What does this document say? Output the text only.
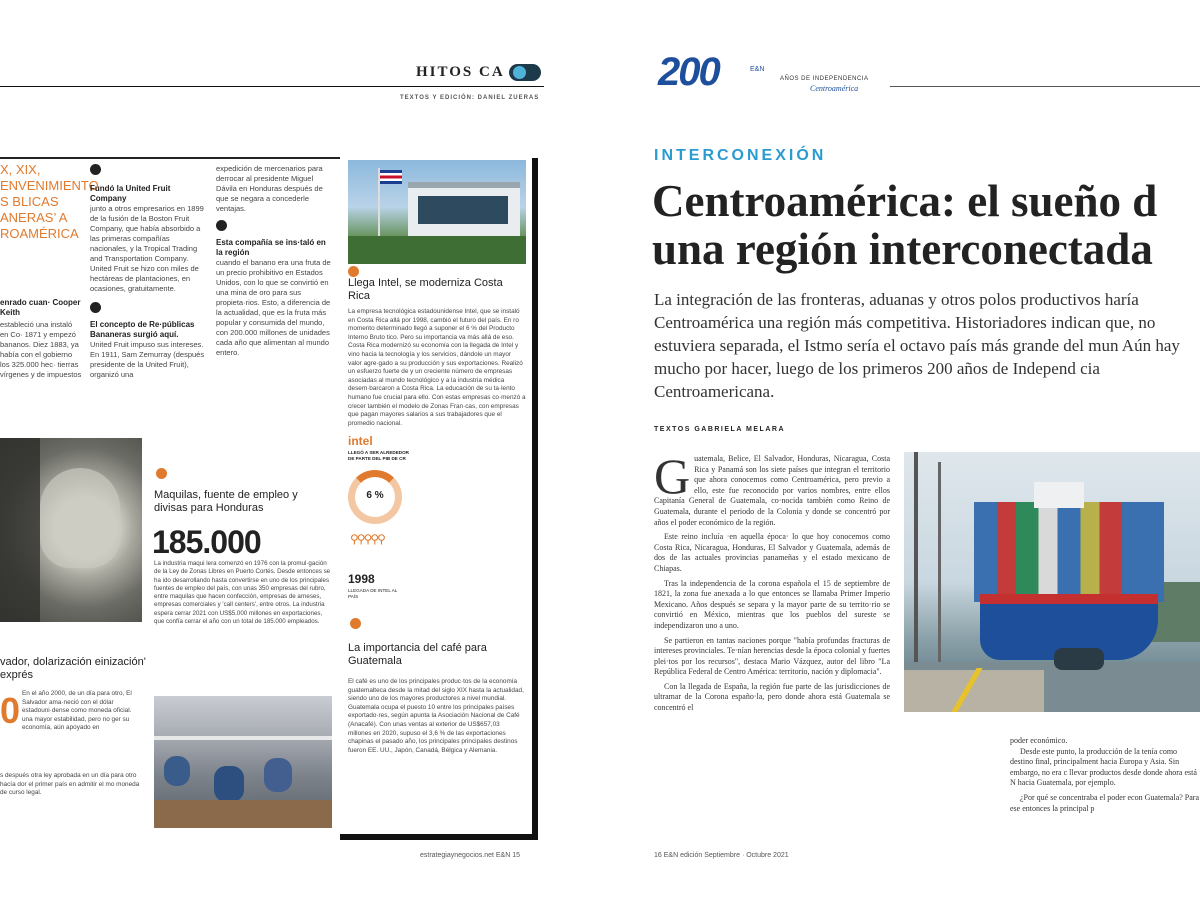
HITOS CA
TEXTOS Y EDICIÓN: DANIEL ZUERAS
X, XIX, ENVENIMIENTO S BLICAS ANERAS’ A ROAMÉRICA
enrado cuan· Cooper Keith
estableció una instaló en Co· 1871 y empezó bananos. Diez 1883, ya había con el gobierno los 325.000 hec· tierras vírgenes y de impuestos
Fundó la United Fruit Company
junto a otros empresarios en 1899 de la fusión de la Boston Fruit Company, que había absorbido a las primeras compañías nacionales, y la Tropical Trading and Transportation Company. United Fruit se hizo con miles de hectáreas de plantaciones, en ocasiones, gratuitamente.
El concepto de Re·públicas Bananeras surgió aquí.
United Fruit impuso sus intereses. En 1911, Sam Zemurray (después presidente de la United Fruit), organizó una
expedición de mercenarios para derrocar al presidente Miguel Dávila en Honduras después de que se negara a concederle ventajas.
Esta compañía se ins·taló en la región
cuando el banano era una fruta de un precio prohibitivo en Estados Unidos, con lo que se convirtió en una mina de oro para sus propieta·rios. Esto, a diferencia de la actualidad, que es la fruta más popular y consumida del mundo, con 200.000 millones de unidades cada año que alimentan al mundo entero.
Llega Intel, se moderniza Costa Rica
La empresa tecnológica estadounidense Intel, que se instaló en Costa Rica allá por 1998, cambió el futuro del país. En ro momento determinado llegó a suponer el 6 % del Producto Interno Bruto tico. Pero su importancia va más allá de eso. Costa Rica modernizó su economía con la llegada de Intel y vino hacia la tecnología y los servicios, dándole un mayor valor agre·gado a su producción y sus exportaciones. Realizó un esfuerzo fuerte de y un creciente número de empresas asociadas al mundo tecnológico y a la industria médica desem·barcaron a Costa Rica. La educación de su ta·lento humano fue crucial para ello. Con estas empresas co·menzó a crecer también el modelo de Zonas Fran·cas, con empresas que pagan mayores salarios a sus trabajadores que el promedio nacional.
intel
LLEGÓ A SER ALREDEDOR DE PARTE DEL PIB DE CR
6 %
⚲⚲⚲⚲⚲
1998
LLEGADA DE INTEL AL PAÍS
La importancia del café para Guatemala
El café es uno de los principales produc·tos de la economía guatemalteca desde la mitad del siglo XIX hasta la actualidad, siendo uno de los mayores productores a nivel mundial. Guatemala ocupa el puesto 10 entre los principales países exportado·res, según apunta la Asociación Nacional de Café (Anacafé). Con unas ventas al exterior de US$657,03 millones en 2020, supuso el 3,6 % de las exportaciones chapinas el pasado año, los principales principales destinos fueron EE. UU., Japón, Canadá, Bélgica y Alemania.
vador, dolarización einización' exprés
0 En el año 2000, de un día para otro, El Salvador ama·neció con el dólar estadouni·dense como moneda oficial. una mayor estabilidad, pero no ger su economía, aún apoyado en
s después otra ley aprobada en un día para otro hacía dor el primer país en admitir el mo moneda de curso legal.
Maquilas, fuente de empleo y divisas para Honduras
185.000
La industria maqui lera comenzó en 1976 con la promul·gación de la Ley de Zonas Libres en Puerto Cortés. Desde entonces se ha ido desarrollando hasta convertirse en uno de los principales fuentes de empleo del país, con unas 350 empresas del rubro, entre maquilas que hacen confección, empresas de arneses, empresas comerciales y 'call centers', entre otros. La industria espera cerrar 2021 con US$5.000 millones en exportaciones, que confía cerrar el año con un total de 185.000 empleados.
estrategiaynegocios.net E&N 15
200	E&N
AÑOS DE INDEPENDENCIA
Centroamérica
INTERCONEXIÓN
Centroamérica: el sueño d
una región interconectada
La integración de las fronteras, aduanas y otros polos productivos haría Centroamérica una región más competitiva. Historiadores indican que, no estuviera separada, el Istmo sería el octavo país más grande del mun Aún hay mucho por hacer, luego de los primeros 200 años de Independ cia Centroamericana.
TEXTOS GABRIELA MELARA
G uatemala, Belice, El Salvador, Honduras, Nicaragua, Costa Rica y Panamá son los siete países que integran el territorio que ahora conocemos como Centroamérica, pero previo a ello, este fue reconocido por varios nombres, entre ellos Capitanía General de Guatemala, co·nocida también como Reino de Guatemala, durante el periodo de la Colonia y donde se concentró por años el poder económico de la región.

Este reino incluía ·en aquella época· lo que hoy conocemos como Costa Rica, Nicaragua, Honduras, El Salvador y Guatemala, además de dos de las actuales provincias panameñas y el estado mexicano de Chiapas.

Tras la independencia de la corona española el 15 de septiembre de 1821, la zona fue anexada a lo que entonces se llamaba Primer Imperio Mexicano. Años después se separa y la mayor parte de su territo·rio se convirtió en México, mientras que los pueblos del sureste se independizaron uno a uno.

Se partieron en tantas naciones porque "había profundas fracturas de intereses provinciales. Te·nían herencias desde la época colonial y fuertes plei·tos por los recursos", destaca Mario Vázquez, autor del libro "La República Federal de Centro América: territorio, nación y diplomacia".

Con la llegada de España, la región fue parte de las jurisdicciones de ultramar de la Corona españo·la, pero donde ahora está Guatemala se concentró el

poder económico.

Desde este punto, la producción de la tenía como destino final, principalment hacia Europa y Asia. Sin embargo, no era c llevar productos desde donde ahora está N hacia Guatemala, por ejemplo.

¿Por qué se concentraba el poder econ Guatemala? Para ese entonces la principal p

16 E&N edición Septiembre · Octubre 2021
